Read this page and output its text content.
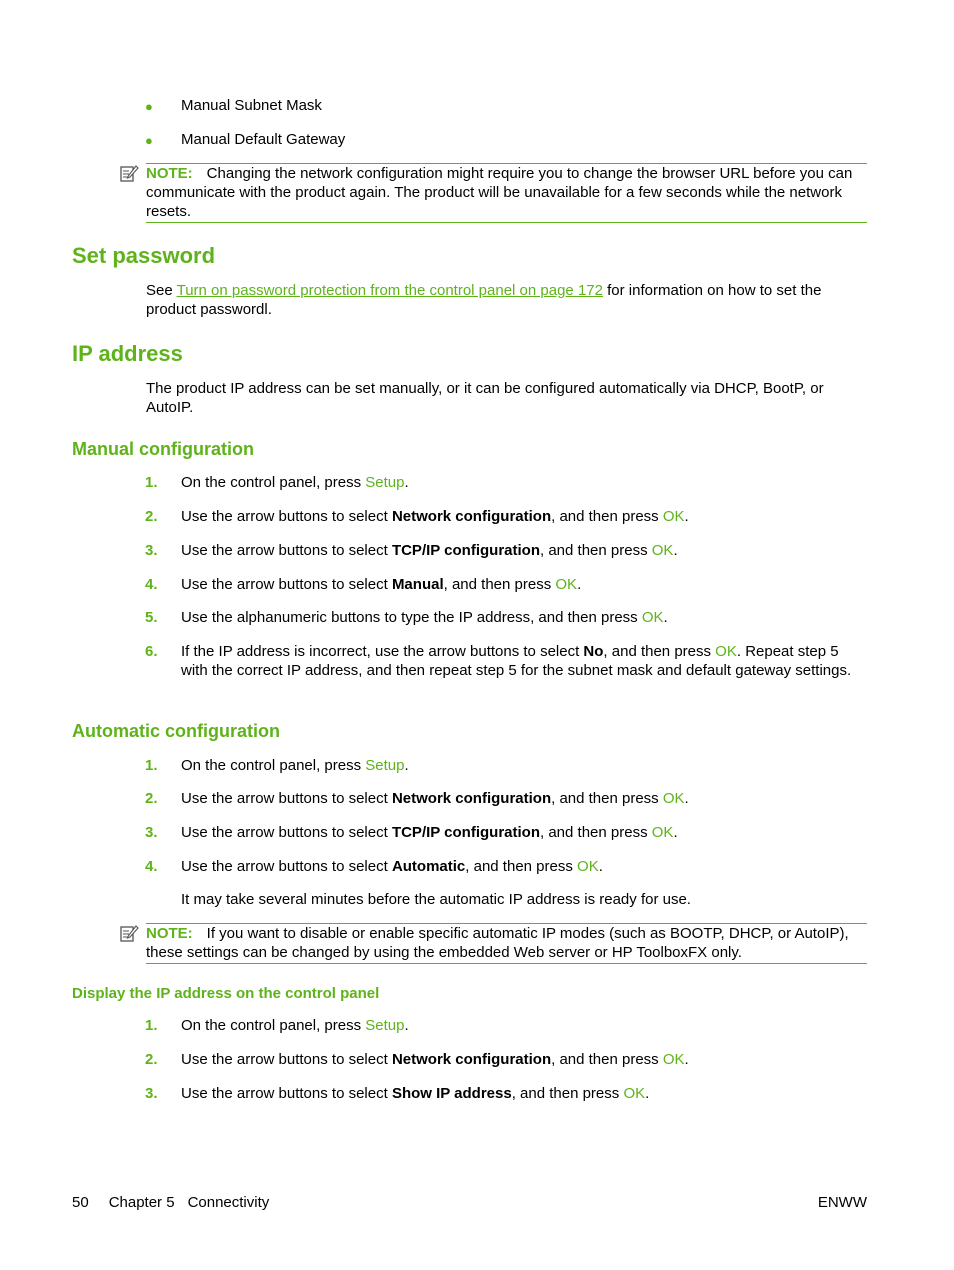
● Manual Subnet Mask
● Manual Default Gateway
NOTE: Changing the network configuration might require you to change the browser URL before you can communicate with the product again. The product will be unavailable for a few seconds while the network resets.
Set password
See Turn on password protection from the control panel on page 172 for information on how to set the product passwordl.
IP address
The product IP address can be set manually, or it can be configured automatically via DHCP, BootP, or AutoIP.
Manual configuration
1. On the control panel, press Setup.
2. Use the arrow buttons to select Network configuration, and then press OK.
3. Use the arrow buttons to select TCP/IP configuration, and then press OK.
4. Use the arrow buttons to select Manual, and then press OK.
5. Use the alphanumeric buttons to type the IP address, and then press OK.
6. If the IP address is incorrect, use the arrow buttons to select No, and then press OK. Repeat step 5 with the correct IP address, and then repeat step 5 for the subnet mask and default gateway settings.
Automatic configuration
1. On the control panel, press Setup.
2. Use the arrow buttons to select Network configuration, and then press OK.
3. Use the arrow buttons to select TCP/IP configuration, and then press OK.
4. Use the arrow buttons to select Automatic, and then press OK.
It may take several minutes before the automatic IP address is ready for use.
NOTE: If you want to disable or enable specific automatic IP modes (such as BOOTP, DHCP, or AutoIP), these settings can be changed by using the embedded Web server or HP ToolboxFX only.
Display the IP address on the control panel
1. On the control panel, press Setup.
2. Use the arrow buttons to select Network configuration, and then press OK.
3. Use the arrow buttons to select Show IP address, and then press OK.
50 Chapter 5 Connectivity	ENWW
